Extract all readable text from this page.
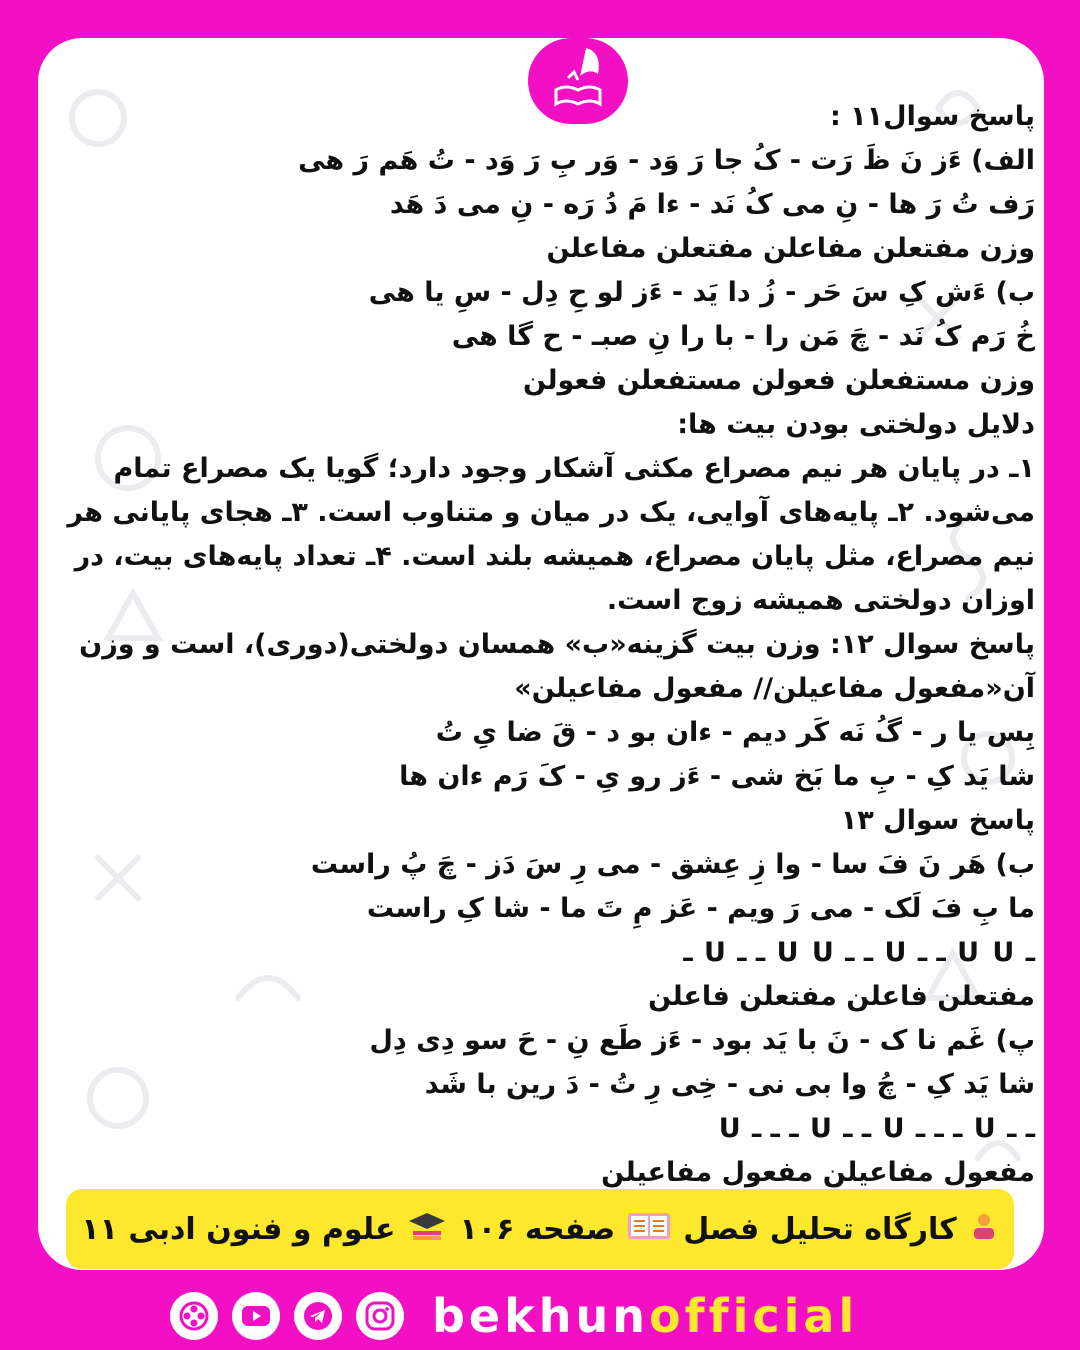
پاسخ سوال۱۱ :
الف) ءَز نَ ظَ رَت - کُ جا رَ وَد - وَر بِ رَ وَد - تُ هَم رَ هی
رَف تُ رَ ها - نِ می کُ نَد - ءا مَ دُ رَه - نِ می دَ هَد
وزن مفتعلن مفاعلن مفتعلن مفاعلن
ب) ءَش کِ سَ حَر - زُ دا یَد - ءَز لو حِ دِل - سِ یا هی
خُ رَم کُ نَد - چَ مَن را - با را نِ صبـ - ح گا هی
وزن مستفعلن فعولن مستفعلن فعولن
دلایل دولختی بودن بیت ها:
۱ـ در پایان هر نیم مصراع مکثی آشکار وجود دارد؛ گویا یک مصراع تمام می‌شود. ۲ـ پایه‌های آوایی، یک در میان و متناوب است. ۳ـ هجای پایانی هر نیم مصراع، مثل پایان مصراع، همیشه بلند است. ۴ـ تعداد پایه‌های بیت، در اوزان دولختی همیشه زوج است.
پاسخ سوال ۱۲: وزن بیت گزینه«ب» همسان دولختی(دوری)، است و وزن آن«مفعول مفاعیلن// مفعول مفاعیلن»
بِس یا ر - گُ نَه کَر دیم - ءان بو د - قَ ضا یِ تُ
شا یَد کِ - بِ ما بَخ شی - ءَز رو یِ - کَ رَم ءان ها
پاسخ سوال ۱۳
ب) هَر نَ فَ سا - وا زِ عِشق - می رِ سَ دَز - چَ پُ راست
ما بِ فَ لَک - می رَ ویم - عَز مِ تَ ما - شا کِ راست
ـ U U ـ ـ U ـ ـ U U ـ ـ U ـ
مفتعلن فاعلن مفتعلن فاعلن
پ) غَم نا ک - نَ با یَد بود - ءَز طَع نِ - حَ سو دِی دِل
شا یَد کِ - چُ وا بی نی - خِی رِ تُ - دَ رین با شَد
ـ ـ U ـ ـ ـ U ـ ـ U ـ ـ ـ U
مفعول مفاعیلن مفعول مفاعیلن
کارگاه تحلیل فصل
صفحه ۱۰۶
علوم و فنون ادبی ۱۱
bekhunofficial
